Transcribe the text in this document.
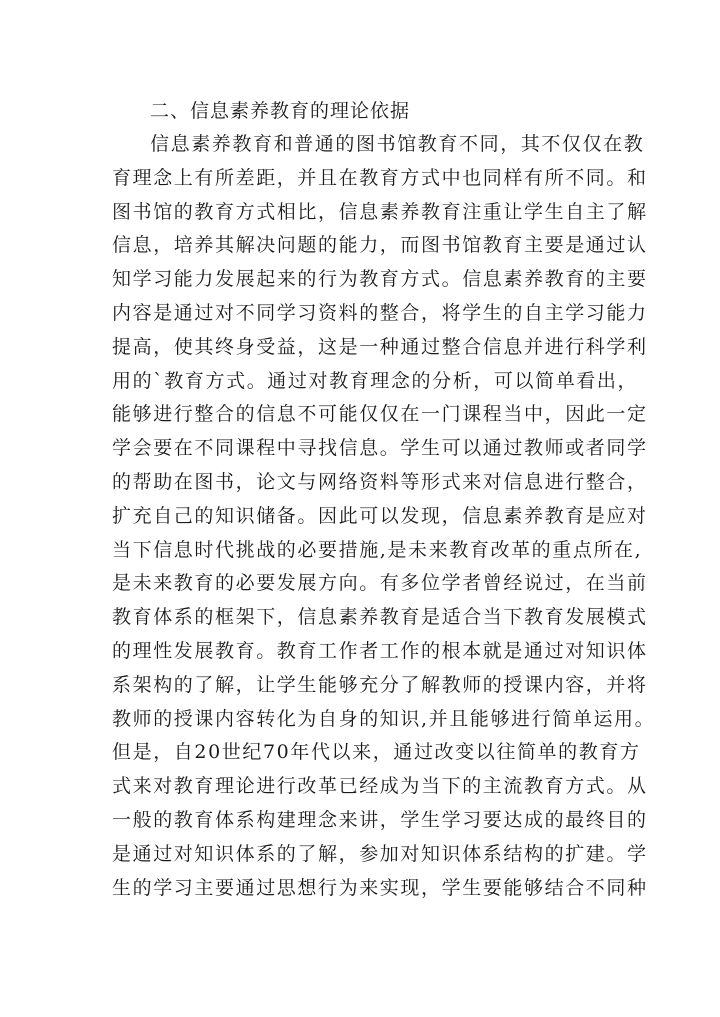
二、信息素养教育的理论依据
信息素养教育和普通的图书馆教育不同，其不仅仅在教
育理念上有所差距，并且在教育方式中也同样有所不同。和
图书馆的教育方式相比，信息素养教育注重让学生自主了解
信息，培养其解决问题的能力，而图书馆教育主要是通过认
知学习能力发展起来的行为教育方式。信息素养教育的主要
内容是通过对不同学习资料的整合，将学生的自主学习能力
提高，使其终身受益，这是一种通过整合信息并进行科学利
用的`教育方式。通过对教育理念的分析，可以简单看出，
能够进行整合的信息不可能仅仅在一门课程当中，因此一定
学会要在不同课程中寻找信息。学生可以通过教师或者同学
的帮助在图书，论文与网络资料等形式来对信息进行整合，
扩充自己的知识储备。因此可以发现，信息素养教育是应对
当下信息时代挑战的必要措施,是未来教育改革的重点所在,
是未来教育的必要发展方向。有多位学者曾经说过，在当前
教育体系的框架下，信息素养教育是适合当下教育发展模式
的理性发展教育。教育工作者工作的根本就是通过对知识体
系架构的了解，让学生能够充分了解教师的授课内容，并将
教师的授课内容转化为自身的知识,并且能够进行简单运用。
但是，自20世纪70年代以来，通过改变以往简单的教育方
式来对教育理论进行改革已经成为当下的主流教育方式。从
一般的教育体系构建理念来讲，学生学习要达成的最终目的
是通过对知识体系的了解，参加对知识体系结构的扩建。学
生的学习主要通过思想行为来实现，学生要能够结合不同种
